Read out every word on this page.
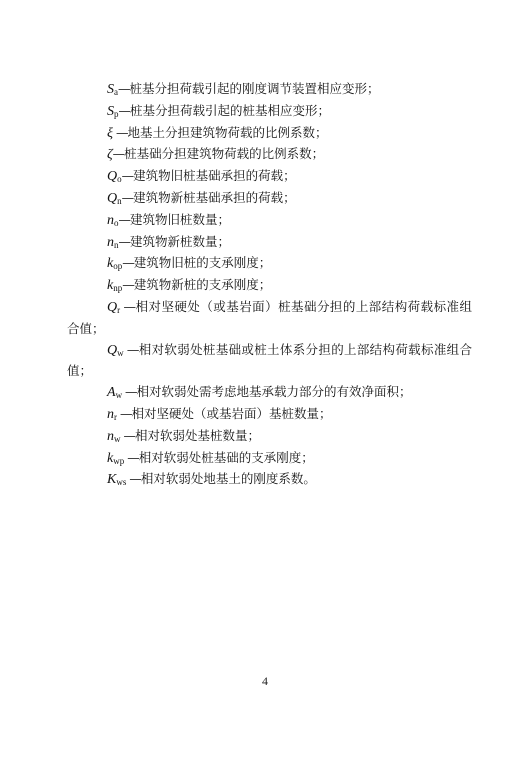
$S_a—$桩基分担荷载引起的刚度调节装置相应变形；
$S_p—$桩基分担荷载引起的桩基相应变形；
ξ —地基土分担建筑物荷载的比例系数；
ζ—桩基础分担建筑物荷载的比例系数；
$Q_o—$建筑物旧桩基础承担的荷载；
$Q_n—$建筑物新桩基础承担的荷载；
$n_o—$建筑物旧桩数量；
$n_n—$建筑物新桩数量；
$k_{op}—$建筑物旧桩的支承刚度；
$k_{np}—$建筑物新桩的支承刚度；
$Q_r$ —相对坚硬处（或基岩面）桩基础分担的上部结构荷载标准组合值；
$Q_w$ —相对软弱处桩基础或桩土体系分担的上部结构荷载标准组合值；
$A_w$ —相对软弱处需考虑地基承载力部分的有效净面积；
$n_r$ —相对坚硬处（或基岩面）基桩数量；
$n_w$ —相对软弱处基桩数量；
$k_{wp}$ —相对软弱处桩基础的支承刚度；
$K_{ws}$ —相对软弱处地基土的刚度系数。
4
